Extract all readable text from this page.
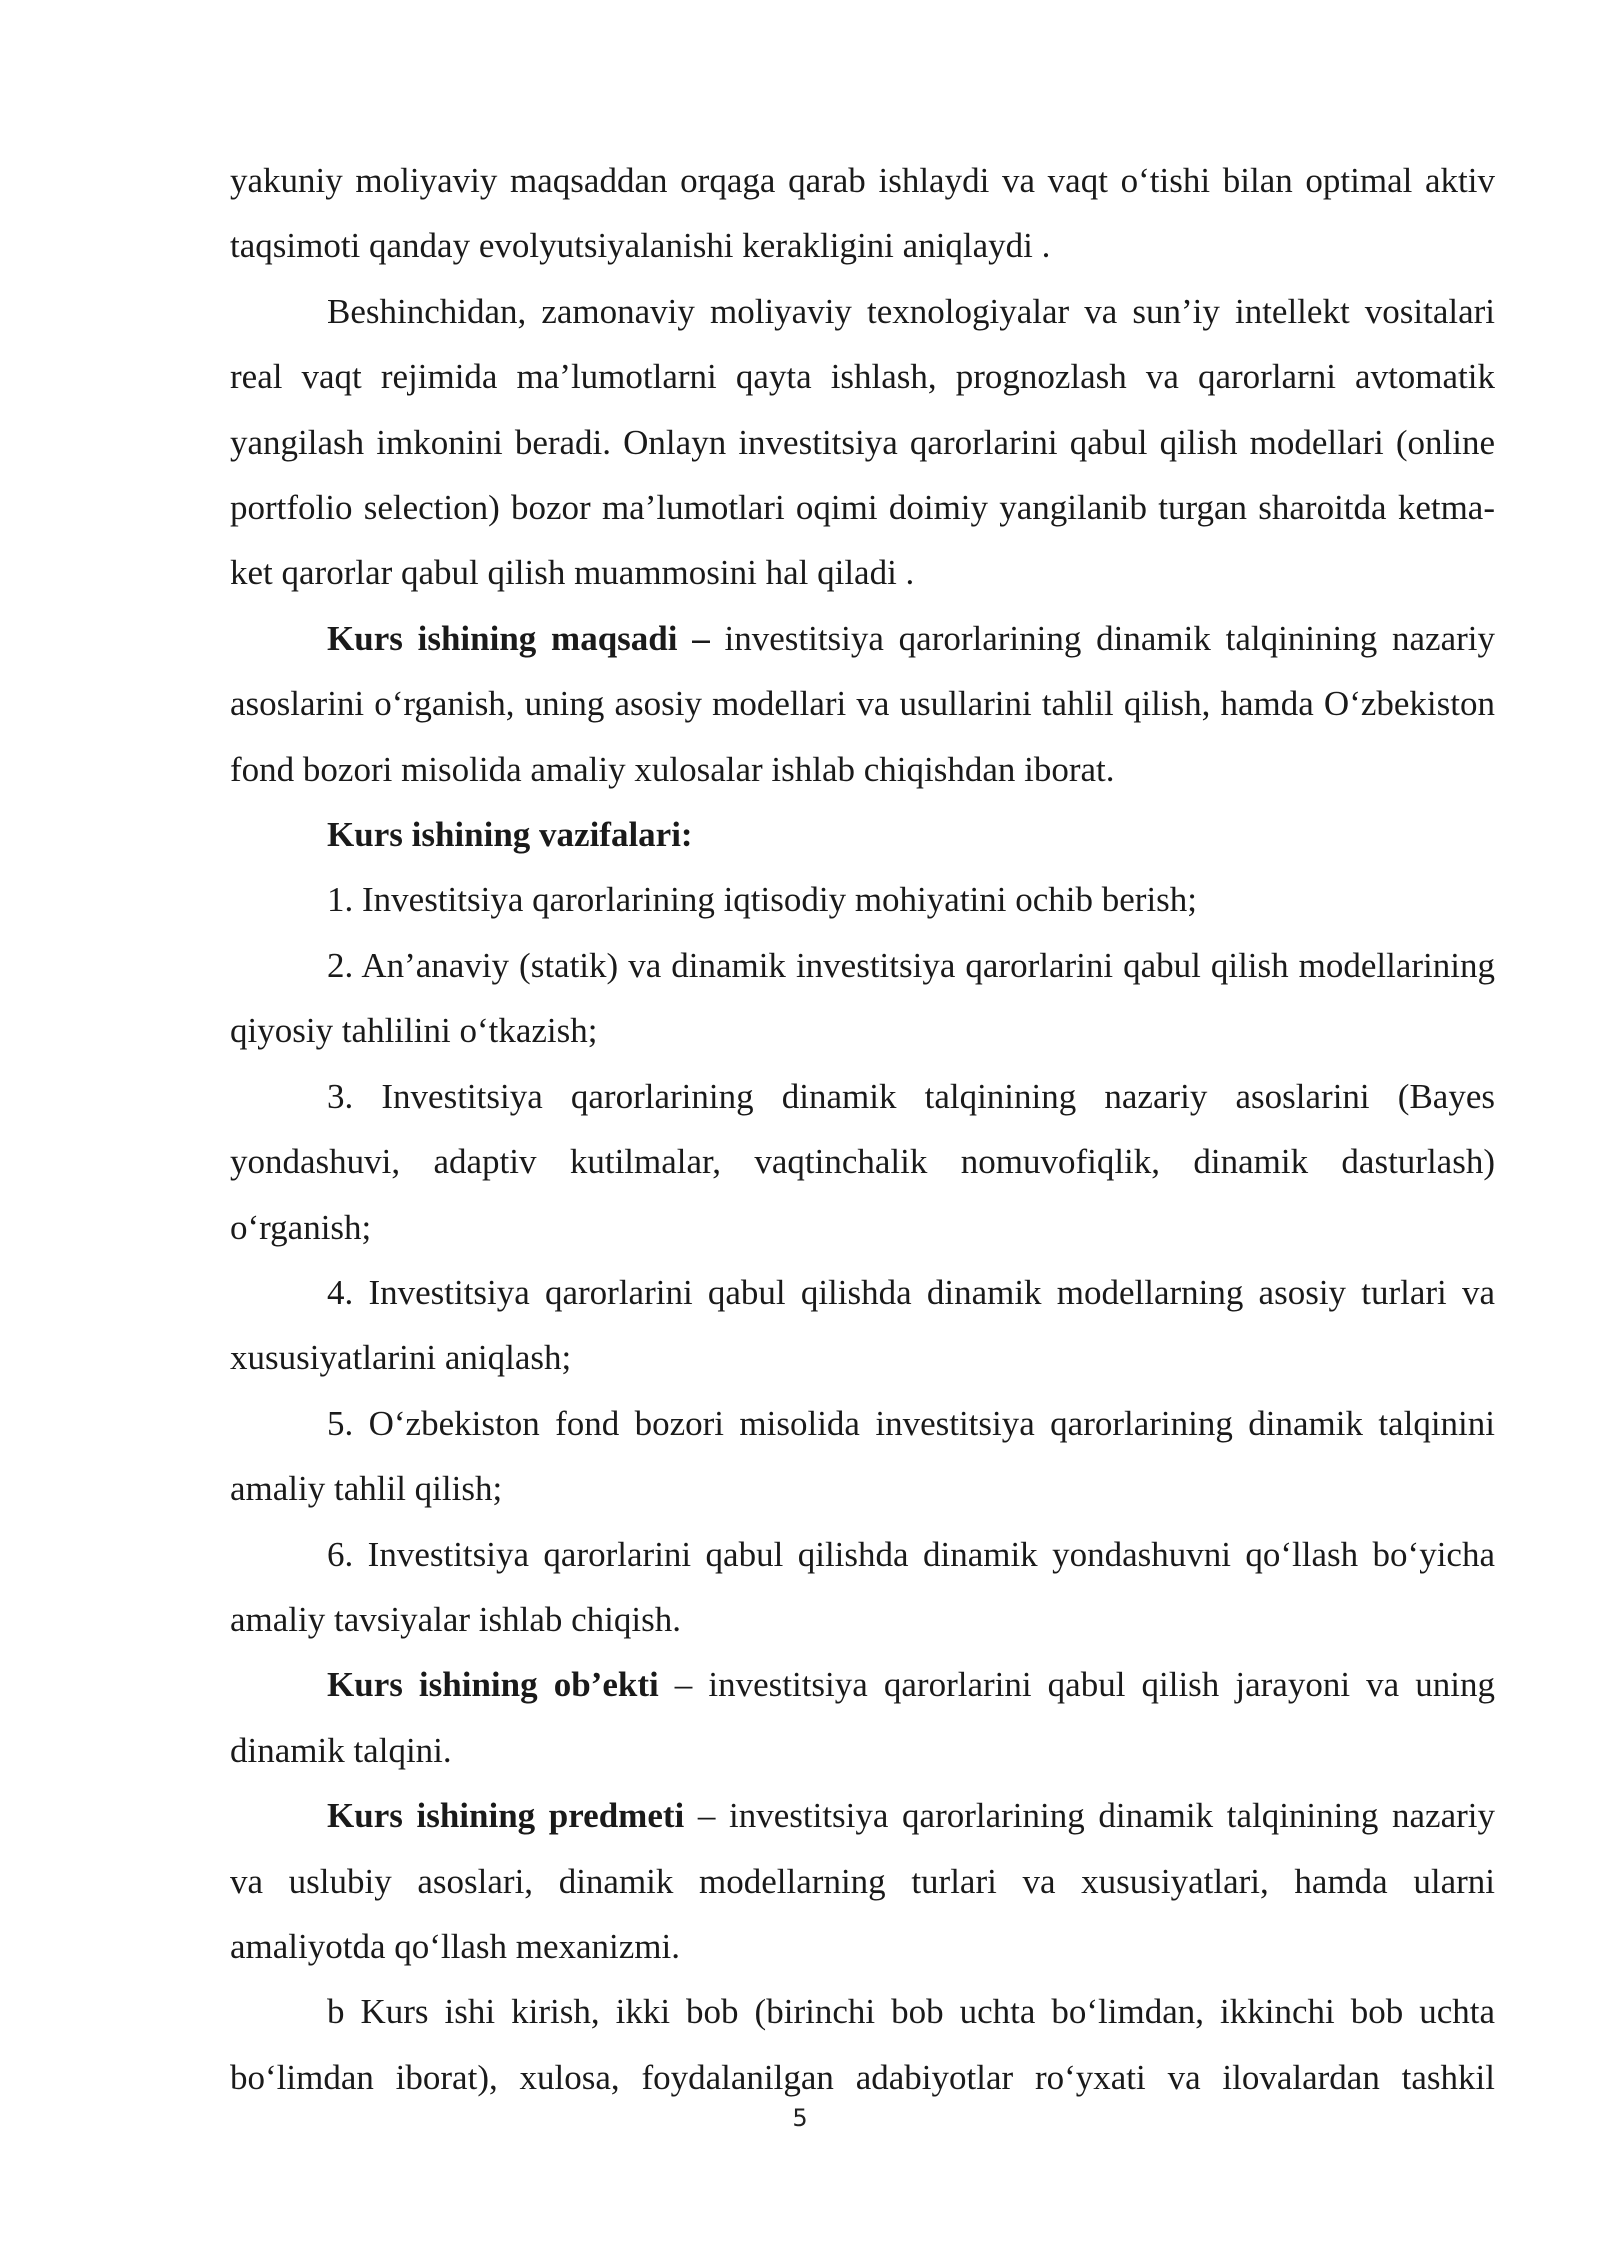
yakuniy moliyaviy maqsaddan orqaga qarab ishlaydi va vaqt o‘tishi bilan optimal aktiv taqsimoti qanday evolyutsiyalanishi kerakligini aniqlaydi .

Beshinchidan, zamonaviy moliyaviy texnologiyalar va sun’iy intellekt vositalari real vaqt rejimida ma’lumotlarni qayta ishlash, prognozlash va qarorlarni avtomatik yangilash imkonini beradi. Onlayn investitsiya qarorlarini qabul qilish modellari (online portfolio selection) bozor ma’lumotlari oqimi doimiy yangilanib turgan sharoitda ketma-ket qarorlar qabul qilish muammosini hal qiladi .

Kurs ishining maqsadi – investitsiya qarorlarining dinamik talqinining nazariy asoslarini o‘rganish, uning asosiy modellari va usullarini tahlil qilish, hamda O‘zbekiston fond bozori misolida amaliy xulosalar ishlab chiqishdan iborat.

Kurs ishining vazifalari:

1. Investitsiya qarorlarining iqtisodiy mohiyatini ochib berish;

2. An’anaviy (statik) va dinamik investitsiya qarorlarini qabul qilish modellarining qiyosiy tahlilini o‘tkazish;

3. Investitsiya qarorlarining dinamik talqinining nazariy asoslarini (Bayes yondashuvi, adaptiv kutilmalar, vaqtinchalik nomuvofiqlik, dinamik dasturlash) o‘rganish;

4. Investitsiya qarorlarini qabul qilishda dinamik modellarning asosiy turlari va xususiyatlarini aniqlash;

5. O‘zbekiston fond bozori misolida investitsiya qarorlarining dinamik talqinini amaliy tahlil qilish;

6. Investitsiya qarorlarini qabul qilishda dinamik yondashuvni qo‘llash bo‘yicha amaliy tavsiyalar ishlab chiqish.

Kurs ishining ob’ekti – investitsiya qarorlarini qabul qilish jarayoni va uning dinamik talqini.

Kurs ishining predmeti – investitsiya qarorlarining dinamik talqinining nazariy va uslubiy asoslari, dinamik modellarning turlari va xususiyatlari, hamda ularni amaliyotda qo‘llash mexanizmi.

b Kurs ishi kirish, ikki bob (birinchi bob uchta bo‘limdan, ikkinchi bob uchta bo‘limdan iborat), xulosa, foydalanilgan adabiyotlar ro‘yxati va ilovalardan tashkil

5
